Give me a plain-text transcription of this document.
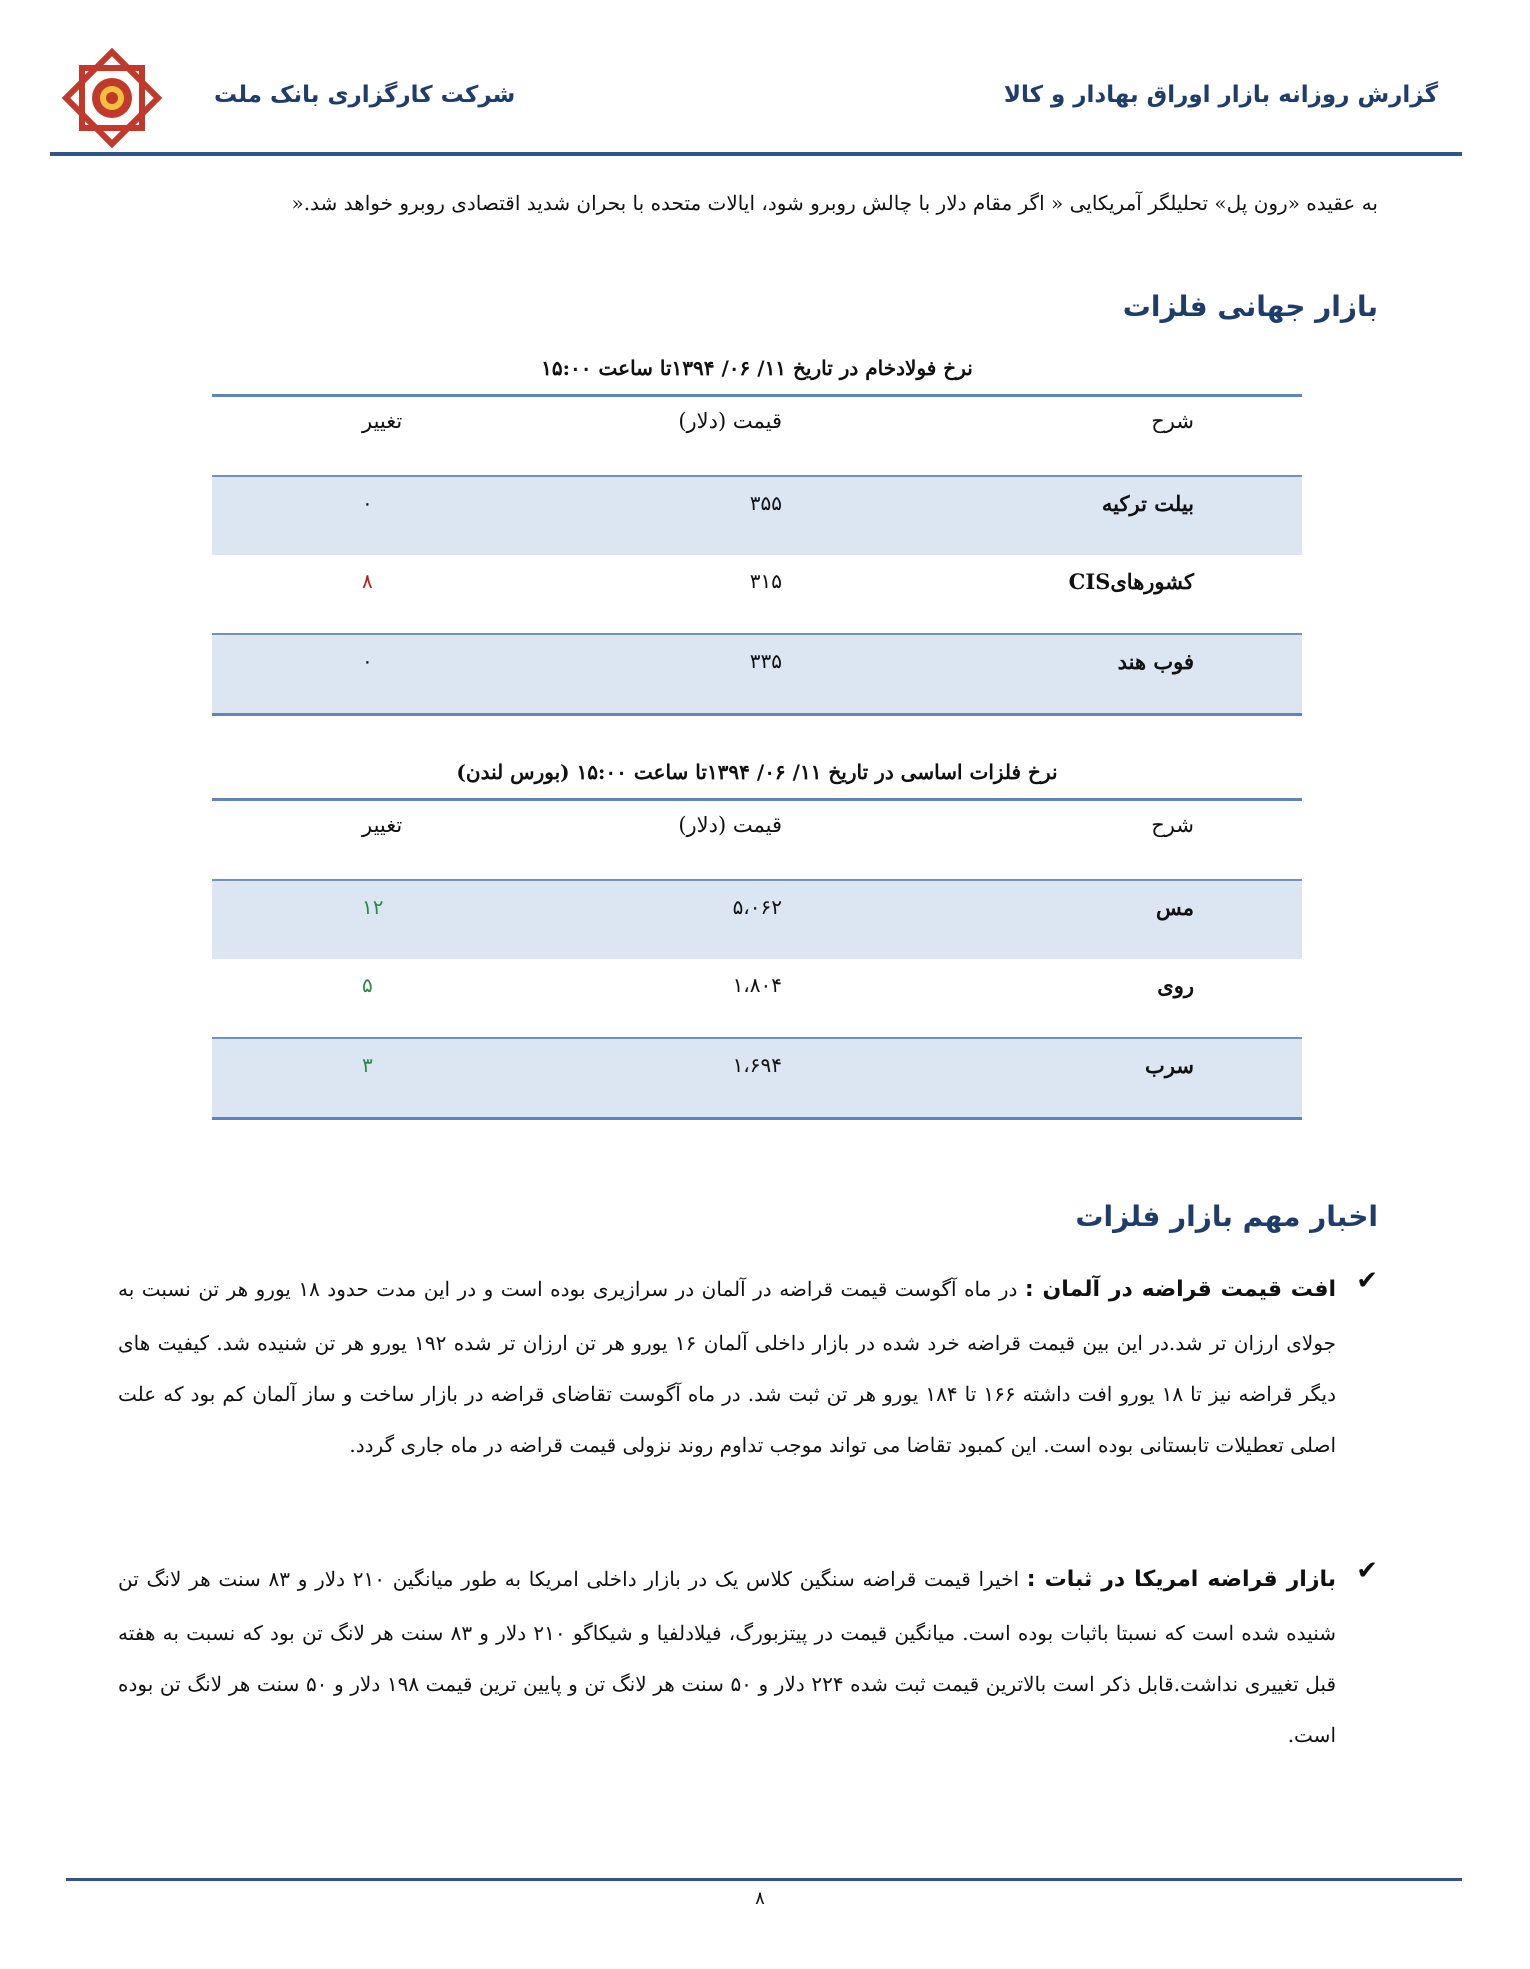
گزارش روزانه بازار اوراق بهادار و کالا
شرکت کارگزاری بانک ملت
به عقیده «رون پل» تحلیلگر آمریکایی « اگر مقام دلار با چالش روبرو شود، ایالات متحده با بحران شدید اقتصادی روبرو خواهد شد.«
بازار جهانی فلزات
نرخ فولادخام در تاریخ ۱۱/ ۰۶/ ۱۳۹۴تا ساعت ۱۵:۰۰
شرح
قیمت (دلار)
تغییر
بیلت ترکیه
۳۵۵
۰
کشورهایCIS
۳۱۵
۸
فوب هند
۳۳۵
۰
نرخ فلزات اساسی در تاریخ ۱۱/ ۰۶/ ۱۳۹۴تا ساعت ۱۵:۰۰ (بورس لندن)
شرح
قیمت (دلار)
تغییر
مس
۵،۰۶۲
۱۲
روی
۱،۸۰۴
۵
سرب
۱،۶۹۴
۳
اخبار مهم بازار فلزات
✔
افت قیمت قراضه در آلمان : در ماه آگوست قیمت قراضه در آلمان در سرازیری بوده است و در این مدت حدود ۱۸ یورو هر تن نسبت به جولای ارزان تر شد.در این بین قیمت قراضه خرد شده در بازار داخلی آلمان ۱۶ یورو هر تن ارزان تر شده ۱۹۲ یورو هر تن شنیده شد. کیفیت های دیگر قراضه نیز تا ۱۸ یورو افت داشته ۱۶۶ تا ۱۸۴ یورو هر تن ثبت شد. در ماه آگوست تقاضای قراضه در بازار ساخت و ساز آلمان کم بود که علت اصلی تعطیلات تابستانی بوده است. این کمبود تقاضا می تواند موجب تداوم روند نزولی قیمت قراضه در ماه جاری گردد.
✔
بازار قراضه امریکا در ثبات : اخیرا قیمت قراضه سنگین کلاس یک در بازار داخلی امریکا به طور میانگین ۲۱۰ دلار و ۸۳ سنت هر لانگ تن شنیده شده است که نسبتا باثبات بوده است. میانگین قیمت در پیتزبورگ، فیلادلفیا و شیکاگو ۲۱۰ دلار و ۸۳ سنت هر لانگ تن بود که نسبت به هفته قبل تغییری نداشت.قابل ذکر است بالاترین قیمت ثبت شده ۲۲۴ دلار و ۵۰ سنت هر لانگ تن و پایین ترین قیمت ۱۹۸ دلار و ۵۰ سنت هر لانگ تن بوده است.
۸
